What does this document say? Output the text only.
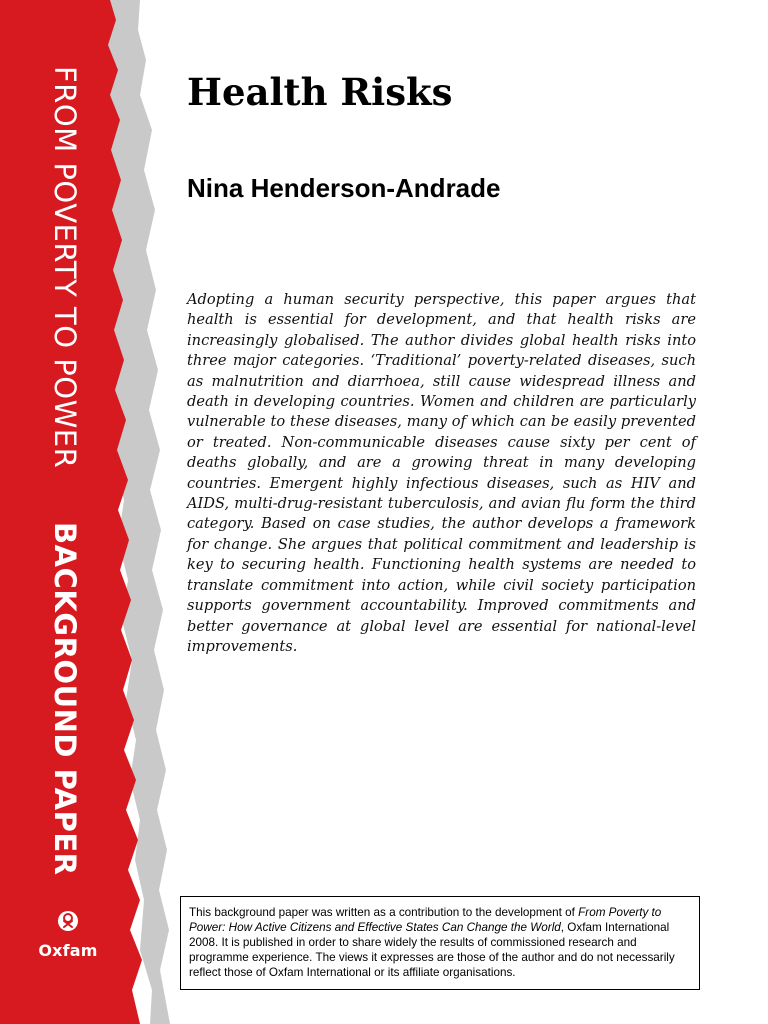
FROM POVERTY TO POWER
BACKGROUND PAPER
Oxfam
Health Risks
Nina Henderson-Andrade

Adopting a human security perspective, this paper argues that health is essential for development, and that health risks are increasingly globalised. The author divides global health risks into three major categories. ‘Traditional’ poverty-related diseases, such as malnutrition and diarrhoea, still cause widespread illness and death in developing countries. Women and children are particularly vulnerable to these diseases, many of which can be easily prevented or treated. Non-communicable diseases cause sixty per cent of deaths globally, and are a growing threat in many developing countries. Emergent highly infectious diseases, such as HIV and AIDS, multi-drug-resistant tuberculosis, and avian flu form the third category. Based on case studies, the author develops a framework for change. She argues that political commitment and leadership is key to securing health. Functioning health systems are needed to translate commitment into action, while civil society participation supports government accountability. Improved commitments and better governance at global level are essential for national-level improvements.

This background paper was written as a contribution to the development of From Poverty to Power: How Active Citizens and Effective States Can Change the World, Oxfam International 2008. It is published in order to share widely the results of commissioned research and programme experience. The views it expresses are those of the author and do not necessarily reflect those of Oxfam International or its affiliate organisations.
